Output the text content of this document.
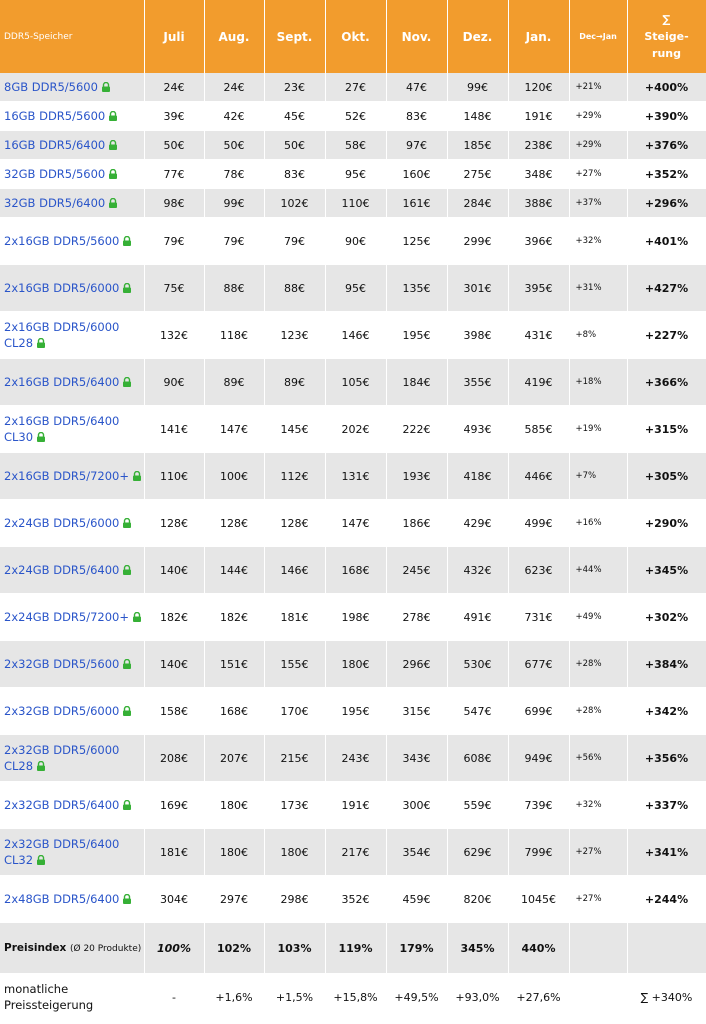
DDR5-Speicher	Juli	Aug.	Sept.	Okt.	Nov.	Dez.	Jan.	Dec→Jan	∑
Steige-
rung

8GB DDR5/5600	24€	24€	23€	27€	47€	99€	120€	+21%	+400%
16GB DDR5/5600	39€	42€	45€	52€	83€	148€	191€	+29%	+390%
16GB DDR5/6400	50€	50€	50€	58€	97€	185€	238€	+29%	+376%
32GB DDR5/5600	77€	78€	83€	95€	160€	275€	348€	+27%	+352%
32GB DDR5/6400	98€	99€	102€	110€	161€	284€	388€	+37%	+296%
2x16GB DDR5/5600	79€	79€	79€	90€	125€	299€	396€	+32%	+401%
2x16GB DDR5/6000	75€	88€	88€	95€	135€	301€	395€	+31%	+427%
2x16GB DDR5/6000 CL28	132€	118€	123€	146€	195€	398€	431€	+8%	+227%
2x16GB DDR5/6400	90€	89€	89€	105€	184€	355€	419€	+18%	+366%
2x16GB DDR5/6400 CL30	141€	147€	145€	202€	222€	493€	585€	+19%	+315%
2x16GB DDR5/7200+	110€	100€	112€	131€	193€	418€	446€	+7%	+305%
2x24GB DDR5/6000	128€	128€	128€	147€	186€	429€	499€	+16%	+290%
2x24GB DDR5/6400	140€	144€	146€	168€	245€	432€	623€	+44%	+345%
2x24GB DDR5/7200+	182€	182€	181€	198€	278€	491€	731€	+49%	+302%
2x32GB DDR5/5600	140€	151€	155€	180€	296€	530€	677€	+28%	+384%
2x32GB DDR5/6000	158€	168€	170€	195€	315€	547€	699€	+28%	+342%
2x32GB DDR5/6000 CL28	208€	207€	215€	243€	343€	608€	949€	+56%	+356%
2x32GB DDR5/6400	169€	180€	173€	191€	300€	559€	739€	+32%	+337%
2x32GB DDR5/6400 CL32	181€	180€	180€	217€	354€	629€	799€	+27%	+341%
2x48GB DDR5/6400	304€	297€	298€	352€	459€	820€	1045€	+27%	+244%
Preisindex (Ø 20 Produkte)	100%	102%	103%	119%	179%	345%	440%		
monatliche Preissteigerung	-	+1,6%	+1,5%	+15,8%	+49,5%	+93,0%	+27,6%		∑ +340%
